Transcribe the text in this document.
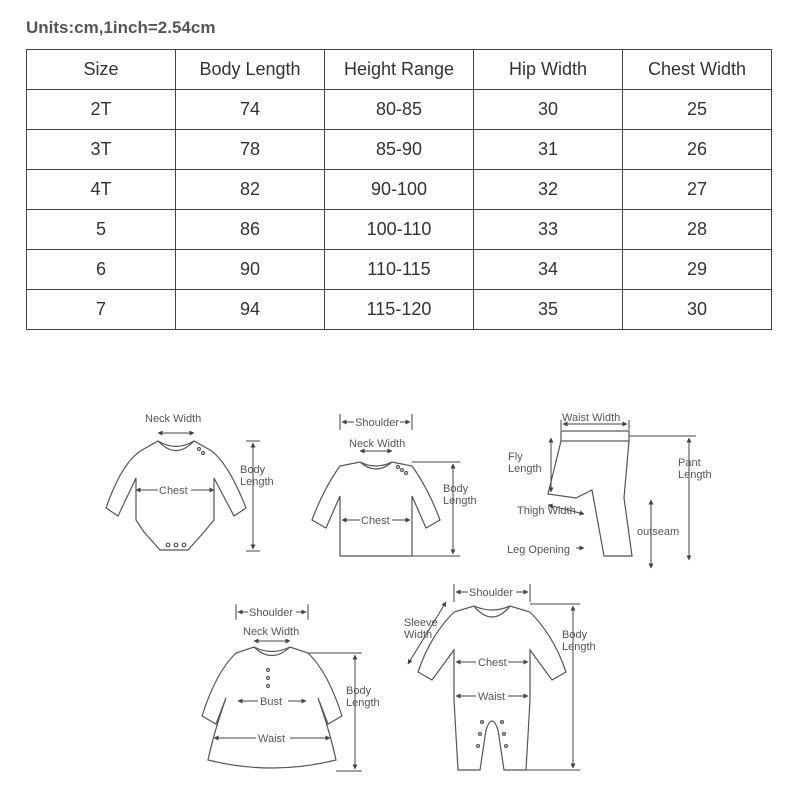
Units:cm,1inch=2.54cm
Size	Body Length	Height Range	Hip Width	Chest Width
2T	74	80-85	30	25
3T	78	85-90	31	26
4T	82	90-100	32	27
5	86	100-110	33	28
6	90	110-115	34	29
7	94	115-120	35	30
Neck Width
Chest
Body Length
Shoulder
Neck Width
Chest
Body Length
Waist Width
Fly Length	Pant Length
Thigh Width
outseam
Leg Opening
Shoulder
Neck Width
Bust
Waist
Body Length
Shoulder
Sleeve Width
Chest
Waist
Body Length
